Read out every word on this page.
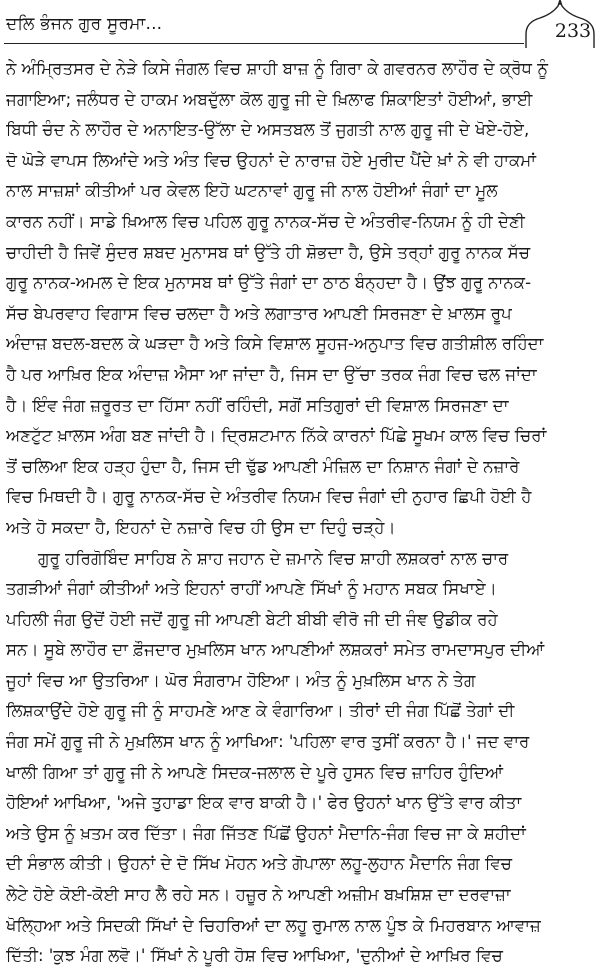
ਦਲਿ ਭੰਜਨ ਗੁਰ ਸੂਰਮਾ...	233
ਨੇ ਅੰਮ੍ਰਿਤਸਰ ਦੇ ਨੇੜੇ ਕਿਸੇ ਜੰਗਲ ਵਿਚ ਸ਼ਾਹੀ ਬਾਜ਼ ਨੂੰ ਗਿਰਾ ਕੇ ਗਵਰਨਰ ਲਾਹੌਰ ਦੇ ਕ੍ਰੋਧ ਨੂੰ
ਜਗਾਇਆ; ਜਲੰਧਰ ਦੇ ਹਾਕਮ ਅਬਦੁੱਲਾ ਕੋਲ ਗੁਰੂ ਜੀ ਦੇ ਖ਼ਿਲਾਫ ਸ਼ਿਕਾਇਤਾਂ ਹੋਈਆਂ, ਭਾਈ
ਬਿਧੀ ਚੰਦ ਨੇ ਲਾਹੌਰ ਦੇ ਅਨਾਇਤ-ਉੱਲਾ ਦੇ ਅਸਤਬਲ ਤੋਂ ਜੁਗਤੀ ਨਾਲ ਗੁਰੂ ਜੀ ਦੇ ਖੋਏ-ਹੋਏ,
ਦੋ ਘੋੜੇ ਵਾਪਸ ਲਿਆਂਦੇ ਅਤੇ ਅੰਤ ਵਿਚ ਉਹਨਾਂ ਦੇ ਨਾਰਾਜ਼ ਹੋਏ ਮੁਰੀਦ ਪੈਂਦੇ ਖ਼ਾਂ ਨੇ ਵੀ ਹਾਕਮਾਂ
ਨਾਲ ਸਾਜ਼ਸ਼ਾਂ ਕੀਤੀਆਂ ਪਰ ਕੇਵਲ ਇਹੋ ਘਟਨਾਵਾਂ ਗੁਰੂ ਜੀ ਨਾਲ ਹੋਈਆਂ ਜੰਗਾਂ ਦਾ ਮੂਲ
ਕਾਰਨ ਨਹੀਂ। ਸਾਡੇ ਖ਼ਿਆਲ ਵਿਚ ਪਹਿਲ ਗੁਰੂ ਨਾਨਕ-ਸੱਚ ਦੇ ਅੰਤਰੀਵ-ਨਿਯਮ ਨੂੰ ਹੀ ਦੇਣੀ
ਚਾਹੀਦੀ ਹੈ ਜਿਵੇਂ ਸੁੰਦਰ ਸ਼ਬਦ ਮੁਨਾਸਬ ਥਾਂ ਉੱਤੇ ਹੀ ਸ਼ੋਭਦਾ ਹੈ, ਉਸੇ ਤਰ੍ਹਾਂ ਗੁਰੂ ਨਾਨਕ ਸੱਚ
ਗੁਰੂ ਨਾਨਕ-ਅਮਲ ਦੇ ਇਕ ਮੁਨਾਸਬ ਥਾਂ ਉੱਤੇ ਜੰਗਾਂ ਦਾ ਠਾਠ ਬੰਨ੍ਹਦਾ ਹੈ। ਉਂਝ ਗੁਰੂ ਨਾਨਕ-
ਸੱਚ ਬੇਪਰਵਾਹ ਵਿਗਾਸ ਵਿਚ ਚਲਦਾ ਹੈ ਅਤੇ ਲਗਾਤਾਰ ਆਪਣੀ ਸਿਰਜਣਾ ਦੇ ਖ਼ਾਲਸ ਰੂਪ
ਅੰਦਾਜ਼ ਬਦਲ-ਬਦਲ ਕੇ ਘੜਦਾ ਹੈ ਅਤੇ ਕਿਸੇ ਵਿਸ਼ਾਲ ਸੂਹਜ-ਅਨੁਪਾਤ ਵਿਚ ਗਤੀਸ਼ੀਲ ਰਹਿੰਦਾ
ਹੈ ਪਰ ਆਖ਼ਿਰ ਇਕ ਅੰਦਾਜ਼ ਐਸਾ ਆ ਜਾਂਦਾ ਹੈ, ਜਿਸ ਦਾ ਉੱਚਾ ਤਰਕ ਜੰਗ ਵਿਚ ਢਲ ਜਾਂਦਾ
ਹੈ। ਇੰਵ ਜੰਗ ਜ਼ਰੂਰਤ ਦਾ ਹਿੱਸਾ ਨਹੀਂ ਰਹਿੰਦੀ, ਸਗੋਂ ਸਤਿਗੁਰਾਂ ਦੀ ਵਿਸ਼ਾਲ ਸਿਰਜਣਾ ਦਾ
ਅਣਟੁੱਟ ਖ਼ਾਲਸ ਅੰਗ ਬਣ ਜਾਂਦੀ ਹੈ। ਦ੍ਰਿਸ਼ਟਮਾਨ ਨਿੱਕੇ ਕਾਰਨਾਂ ਪਿੱਛੇ ਸੂਖਮ ਕਾਲ ਵਿਚ ਚਿਰਾਂ
ਤੋਂ ਚਲਿਆ ਇਕ ਹੜ੍ਹ ਹੁੰਦਾ ਹੈ, ਜਿਸ ਦੀ ਢੁੱਡ ਆਪਣੀ ਮੰਜ਼ਿਲ ਦਾ ਨਿਸ਼ਾਨ ਜੰਗਾਂ ਦੇ ਨਜ਼ਾਰੇ
ਵਿਚ ਮਿਥਦੀ ਹੈ। ਗੁਰੂ ਨਾਨਕ-ਸੱਚ ਦੇ ਅੰਤਰੀਵ ਨਿਯਮ ਵਿਚ ਜੰਗਾਂ ਦੀ ਨੁਹਾਰ ਛਿਪੀ ਹੋਈ ਹੈ
ਅਤੇ ਹੋ ਸਕਦਾ ਹੈ, ਇਹਨਾਂ ਦੇ ਨਜ਼ਾਰੇ ਵਿਚ ਹੀ ਉਸ ਦਾ ਦਿਹੁੰ ਚੜ੍ਹੇ।
ਗੁਰੂ ਹਰਿਗੋਬਿੰਦ ਸਾਹਿਬ ਨੇ ਸ਼ਾਹ ਜਹਾਨ ਦੇ ਜ਼ਮਾਨੇ ਵਿਚ ਸ਼ਾਹੀ ਲਸ਼ਕਰਾਂ ਨਾਲ ਚਾਰ
ਤਗੜੀਆਂ ਜੰਗਾਂ ਕੀਤੀਆਂ ਅਤੇ ਇਹਨਾਂ ਰਾਹੀਂ ਆਪਣੇ ਸਿੱਖਾਂ ਨੂੰ ਮਹਾਨ ਸਬਕ ਸਿਖਾਏ।
ਪਹਿਲੀ ਜੰਗ ਉਦੋਂ ਹੋਈ ਜਦੋਂ ਗੁਰੂ ਜੀ ਆਪਣੀ ਬੇਟੀ ਬੀਬੀ ਵੀਰੋ ਜੀ ਦੀ ਜੰਞ ਉਡੀਕ ਰਹੇ
ਸਨ। ਸੂਬੇ ਲਾਹੌਰ ਦਾ ਫ਼ੌਜਦਾਰ ਮੁਖ਼ਲਿਸ ਖਾਨ ਆਪਣੀਆਂ ਲਸ਼ਕਰਾਂ ਸਮੇਤ ਰਾਮਦਾਸਪੁਰ ਦੀਆਂ
ਜੂਹਾਂ ਵਿਚ ਆ ਉਤਰਿਆ। ਘੋਰ ਸੰਗਰਾਮ ਹੋਇਆ। ਅੰਤ ਨੂੰ ਮੁਖ਼ਲਿਸ ਖਾਨ ਨੇ ਤੇਗ
ਲਿਸ਼ਕਾਉਂਦੇ ਹੋਏ ਗੁਰੂ ਜੀ ਨੂੰ ਸਾਹਮਣੇ ਆਣ ਕੇ ਵੰਗਾਰਿਆ। ਤੀਰਾਂ ਦੀ ਜੰਗ ਪਿੱਛੋਂ ਤੇਗਾਂ ਦੀ
ਜੰਗ ਸਮੇਂ ਗੁਰੂ ਜੀ ਨੇ ਮੁਖ਼ਲਿਸ ਖਾਨ ਨੂੰ ਆਖਿਆ: 'ਪਹਿਲਾ ਵਾਰ ਤੁਸੀਂ ਕਰਨਾ ਹੈ।' ਜਦ ਵਾਰ
ਖਾਲੀ ਗਿਆ ਤਾਂ ਗੁਰੂ ਜੀ ਨੇ ਆਪਣੇ ਸਿਦਕ-ਜਲਾਲ ਦੇ ਪੂਰੇ ਹੁਸਨ ਵਿਚ ਜ਼ਾਹਿਰ ਹੁੰਦਿਆਂ
ਹੋਇਆਂ ਆਖਿਆ, 'ਅਜੇ ਤੁਹਾਡਾ ਇਕ ਵਾਰ ਬਾਕੀ ਹੈ।' ਫੇਰ ਉਹਨਾਂ ਖਾਨ ਉੱਤੇ ਵਾਰ ਕੀਤਾ
ਅਤੇ ਉਸ ਨੂੰ ਖ਼ਤਮ ਕਰ ਦਿੱਤਾ। ਜੰਗ ਜਿੱਤਣ ਪਿੱਛੋਂ ਉਹਨਾਂ ਮੈਦਾਨਿ-ਜੰਗ ਵਿਚ ਜਾ ਕੇ ਸ਼ਹੀਦਾਂ
ਦੀ ਸੰਭਾਲ ਕੀਤੀ। ਉਹਨਾਂ ਦੇ ਦੋ ਸਿੱਖ ਮੋਹਨ ਅਤੇ ਗੋਪਾਲਾ ਲਹੂ-ਲੁਹਾਨ ਮੈਦਾਨਿ ਜੰਗ ਵਿਚ
ਲੇਟੇ ਹੋਏ ਕੋਈ-ਕੋਈ ਸਾਹ ਲੈ ਰਹੇ ਸਨ। ਹਜ਼ੂਰ ਨੇ ਆਪਣੀ ਅਜ਼ੀਮ ਬਖ਼ਸ਼ਿਸ਼ ਦਾ ਦਰਵਾਜ਼ਾ
ਖੋਲ੍ਹਿਆ ਅਤੇ ਸਿਦਕੀ ਸਿੱਖਾਂ ਦੇ ਚਿਹਰਿਆਂ ਦਾ ਲਹੂ ਰੁਮਾਲ ਨਾਲ ਪੂੰਝ ਕੇ ਮਿਹਰਬਾਨ ਆਵਾਜ਼
ਦਿੱਤੀ: 'ਕੁਝ ਮੰਗ ਲਵੋ।' ਸਿੱਖਾਂ ਨੇ ਪੂਰੀ ਹੋਸ਼ ਵਿਚ ਆਖਿਆ, 'ਦੁਨੀਆਂ ਦੇ ਆਖ਼ਿਰ ਵਿਚ
